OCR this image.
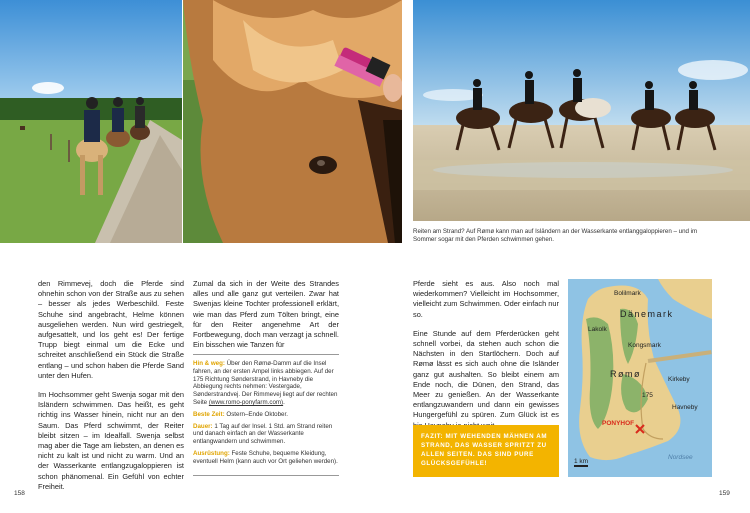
Reiten am Strand? Auf Rømø kann man auf Isländern an der Wasserkante entlanggaloppieren – und im Sommer sogar mit den Pferden schwimmen gehen.

den Rimmevej, doch die Pferde sind ohnehin schon von der Straße aus zu sehen – besser als jedes Werbeschild. Feste Schuhe sind angebracht, Helme können ausgeliehen werden. Nun wird gestriegelt, aufgesattelt, und los geht es! Der fertige Trupp biegt einmal um die Ecke und schreitet anschließend ein Stück die Straße entlang – und schon haben die Pferde Sand unter den Hufen.

Im Hochsommer geht Swenja sogar mit den Isländern schwimmen. Das heißt, es geht richtig ins Wasser hinein, nicht nur an den Saum. Das Pferd schwimmt, der Reiter bleibt sitzen – im Idealfall. Swenja selbst mag aber die Tage am liebsten, an denen es nicht zu kalt ist und nicht zu warm. Und an der Wasserkante entlangzugaloppieren ist schon phänomenal. Ein Gefühl von echter Freiheit.

Zumal da sich in der Weite des Strandes alles und alle ganz gut verteilen. Zwar hat Swenjas kleine Tochter professionell erklärt, wie man das Pferd zum Tölten bringt, eine für den Reiter angenehme Art der Fortbewegung, doch man verzagt ja schnell. Ein bisschen wie Tanzen für

Hin & weg: Über den Rømø-Damm auf die Insel fahren, an der ersten Ampel links abbiegen. Auf der 175 Richtung Sønderstrand, in Havneby die Abbiegung rechts nehmen: Vestergade, Sønderstrandvej. Der Rimmevej liegt auf der rechten Seite (www.romo-ponyfarm.com).
Beste Zeit: Ostern–Ende Oktober.
Dauer: 1 Tag auf der Insel. 1 Std. am Strand reiten und danach einfach an der Wasserkante entlangwandern und schwimmen.
Ausrüstung: Feste Schuhe, bequeme Kleidung, eventuell Helm (kann auch vor Ort geliehen werden).

Pferde sieht es aus. Also noch mal wiederkommen? Vielleicht im Hochsommer, vielleicht zum Schwimmen. Oder einfach nur so.

Eine Stunde auf dem Pferderücken geht schnell vorbei, da stehen auch schon die Nächsten in den Startlöchern. Doch auf Rømø lässt es sich auch ohne die Isländer ganz gut aushalten. So bleibt einem am Ende noch, die Dünen, den Strand, das Meer zu genießen. An der Wasserkante entlangzuwandern und dann ein gewisses Hungergefühl zu spüren. Zum Glück ist es

FAZIT: MIT WEHENDEN MÄHNEN AM STRAND, DAS WASSER SPRITZT ZU ALLEN SEITEN. DAS SIND PURE GLÜCKSGEFÜHLE!
Bolilmark
Dänemark
Lakolk
Kongsmark
Rømø
Kirkeby
Havneby
PONYHOF
Nordsee
1 km
175
158	159
